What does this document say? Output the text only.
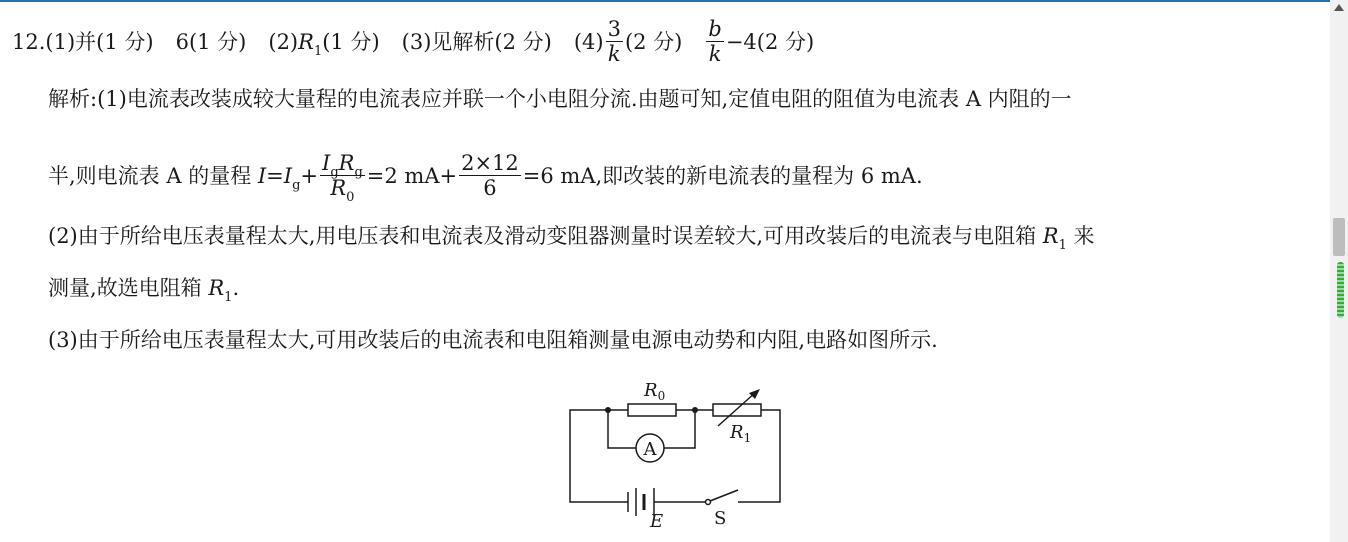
12.(1)并(1 分) 6(1 分) $(2)R_1(1$ 分) (3)见解析(2 分) $(4) \frac{3}{k} (2$ 分) $\frac{b}{k} -4(2$ 分)
解析:(1)电流表改装成较大量程的电流表应并联一个小电阻分流.由题可知,定值电阻的阻值为电流表 A 内阻的一
半,则电流表 A 的量程 $I=I_g+ \frac{I_gR_g}{R_0} =2$ $mA+ \frac{2\times 12}{6} =6$ mA,即改装的新电流表的量程为 6 mA.
(2)由于所给电压表量程太大,用电压表和电流表及滑动变阻器测量时误差较大,可用改装后的电流表与电阻箱 $R_1$ 来
测量,故选电阻箱 $R_1$.
(3)由于所给电压表量程太大,可用改装后的电流表和电阻箱测量电源电动势和内阻,电路如图所示.
A
$R_0$
$R_1$
E	S
